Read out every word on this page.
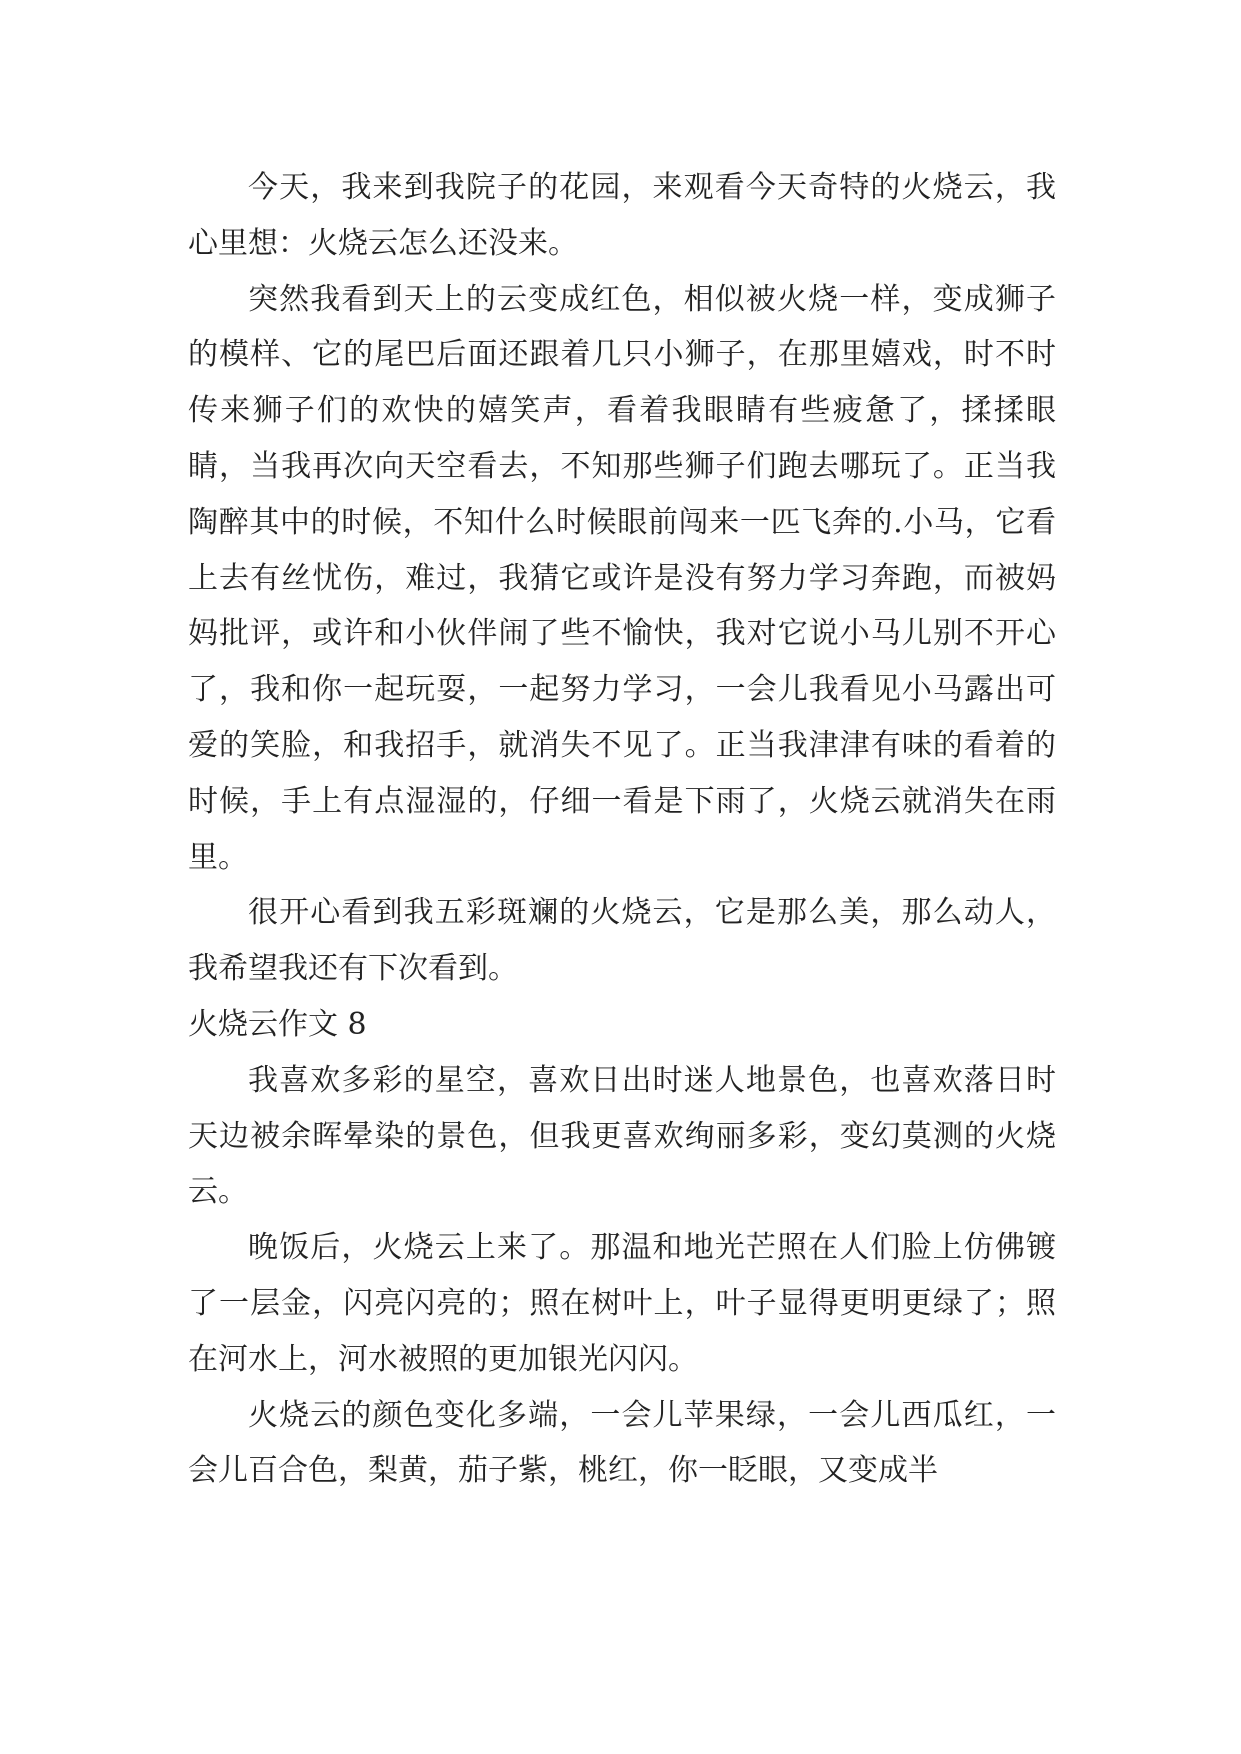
今天，我来到我院子的花园，来观看今天奇特的火烧云，我心里想：火烧云怎么还没来。

突然我看到天上的云变成红色，相似被火烧一样，变成狮子的模样、它的尾巴后面还跟着几只小狮子，在那里嬉戏，时不时传来狮子们的欢快的嬉笑声，看着我眼睛有些疲惫了，揉揉眼睛，当我再次向天空看去，不知那些狮子们跑去哪玩了。正当我陶醉其中的时候，不知什么时候眼前闯来一匹飞奔的.小马，它看上去有丝忧伤，难过，我猜它或许是没有努力学习奔跑，而被妈妈批评，或许和小伙伴闹了些不愉快，我对它说小马儿别不开心了，我和你一起玩耍，一起努力学习，一会儿我看见小马露出可爱的笑脸，和我招手，就消失不见了。正当我津津有味的看着的时候，手上有点湿湿的，仔细一看是下雨了，火烧云就消失在雨里。

很开心看到我五彩斑斓的火烧云，它是那么美，那么动人，我希望我还有下次看到。

火烧云作文 8

我喜欢多彩的星空，喜欢日出时迷人地景色，也喜欢落日时天边被余晖晕染的景色，但我更喜欢绚丽多彩，变幻莫测的火烧云。

晚饭后，火烧云上来了。那温和地光芒照在人们脸上仿佛镀了一层金，闪亮闪亮的；照在树叶上，叶子显得更明更绿了；照在河水上，河水被照的更加银光闪闪。

火烧云的颜色变化多端，一会儿苹果绿，一会儿西瓜红，一会儿百合色，梨黄，茄子紫，桃红，你一眨眼，又变成半
